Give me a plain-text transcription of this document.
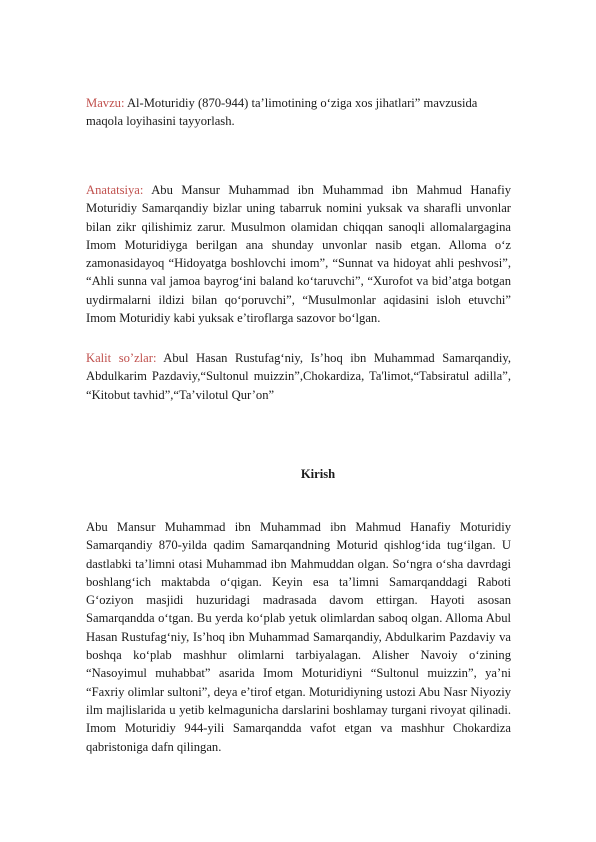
Mavzu: Al-Moturidiy (870-944) ta’limotining o‘ziga xos jihatlari” mavzusida maqola loyihasini tayyorlash.

Anatatsiya: Abu Mansur Muhammad ibn Muhammad ibn Mahmud Hanafiy Moturidiy Samarqandiy bizlar uning tabarruk nomini yuksak va sharafli unvonlar bilan zikr qilishimiz zarur. Musulmon olamidan chiqqan sanoqli allomalargagina Imom Moturidiyga berilgan ana shunday unvonlar nasib etgan. Alloma o‘z zamonasidayoq “Hidoyatga boshlovchi imom”, “Sunnat va hidoyat ahli peshvosi”, “Ahli sunna val jamoa bayrog‘ini baland ko‘taruvchi”, “Xurofot va bid’atga botgan uydirmalarni ildizi bilan qo‘poruvchi”, “Musulmonlar aqidasini isloh etuvchi” Imom Moturidiy kabi yuksak e’tiroflarga sazovor bo‘lgan.

Kalit so’zlar: Abul Hasan Rustufag‘niy, Is’hoq ibn Muhammad Samarqandiy, Abdulkarim Pazdaviy,“Sultonul muizzin”,Chokardiza, Ta'limot,“Tabsiratul adilla”, “Kitobut tavhid”,“Ta’vilotul Qur’on”

Kirish

Abu Mansur Muhammad ibn Muhammad ibn Mahmud Hanafiy Moturidiy Samarqandiy 870-yilda qadim Samarqandning Moturid qishlog‘ida tug‘ilgan. U dastlabki ta’limni otasi Muhammad ibn Mahmuddan olgan. So‘ngra o‘sha davrdagi boshlang‘ich maktabda o‘qigan. Keyin esa ta’limni Samarqanddagi Raboti G‘oziyon masjidi huzuridagi madrasada davom ettirgan. Hayoti asosan Samarqandda o‘tgan. Bu yerda ko‘plab yetuk olimlardan saboq olgan. Alloma Abul Hasan Rustufag‘niy, Is’hoq ibn Muhammad Samarqandiy, Abdulkarim Pazdaviy va boshqa ko‘plab mashhur olimlarni tarbiyalagan. Alisher Navoiy o‘zining “Nasoyimul muhabbat” asarida Imom Moturidiyni “Sultonul muizzin”, ya’ni “Faxriy olimlar sultoni”, deya e’tirof etgan. Moturidiyning ustozi Abu Nasr Niyoziy ilm majlislarida u yetib kelmagunicha darslarini boshlamay turgani rivoyat qilinadi. Imom Moturidiy 944-yili Samarqandda vafot etgan va mashhur Chokardiza qabristoniga dafn qilingan.
